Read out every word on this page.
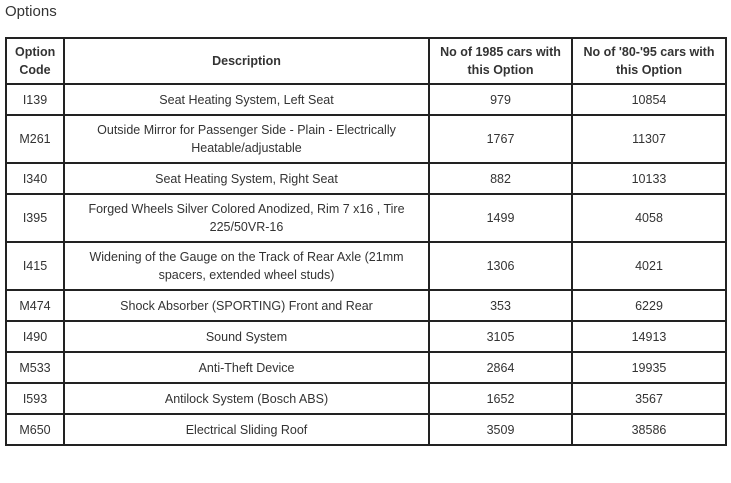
Options
Option Code	Description	No of 1985 cars with this Option	No of '80-'95 cars with this Option
I139	Seat Heating System, Left Seat	979	10854
M261	Outside Mirror for Passenger Side - Plain - Electrically Heatable/adjustable	1767	11307
I340	Seat Heating System, Right Seat	882	10133
I395	Forged Wheels Silver Colored Anodized, Rim 7 x16 , Tire 225/50VR-16	1499	4058
I415	Widening of the Gauge on the Track of Rear Axle (21mm spacers, extended wheel studs)	1306	4021
M474	Shock Absorber (SPORTING) Front and Rear	353	6229
I490	Sound System	3105	14913
M533	Anti-Theft Device	2864	19935
I593	Antilock System (Bosch ABS)	1652	3567
M650	Electrical Sliding Roof	3509	38586
